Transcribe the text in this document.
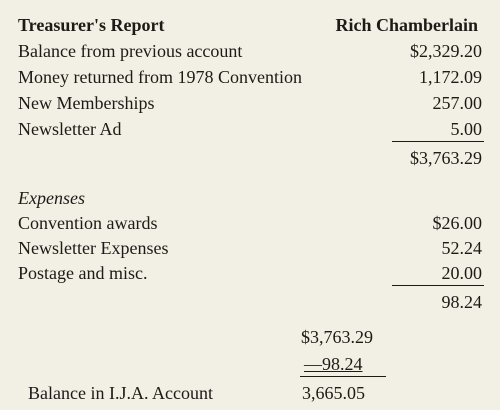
Treasurer's Report	Rich Chamberlain
Balance from previous account	$2,329.20
Money returned from 1978 Convention	1,172.09
New Memberships	257.00
Newsletter Ad	5.00
$3,763.29
Expenses
Convention awards	$26.00
Newsletter Expenses	52.24
Postage and misc.	20.00
98.24
$3,763.29
—98.24
Balance in I.J.A. Account	3,665.05
